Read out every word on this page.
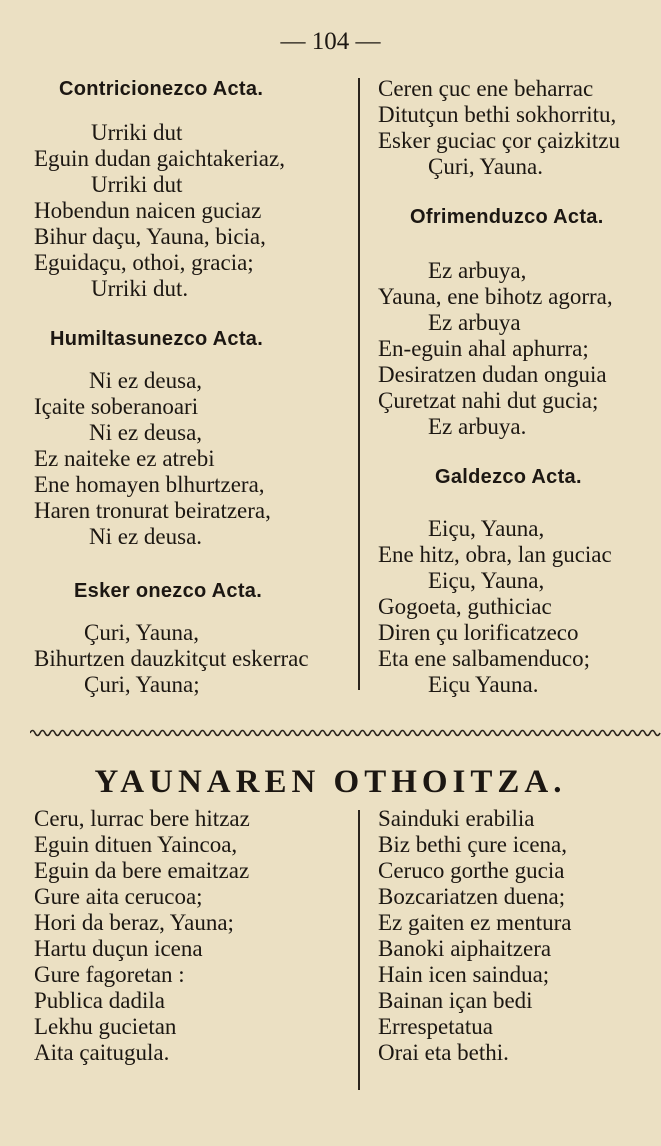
— 104 —
Contricionezco Acta.
Urriki dut
Eguin dudan gaichtakeriaz,
Urriki dut
Hobendun naicen guciaz
Bihur daçu, Yauna, bicia,
Eguidaçu, othoi, gracia;
Urriki dut.
Humiltasunezco Acta.
Ni ez deusa,
Içaite soberanoari
Ni ez deusa,
Ez naiteke ez atrebi
Ene homayen blhurtzera,
Haren tronurat beiratzera,
Ni ez deusa.
Esker onezco Acta.
Çuri, Yauna,
Bihurtzen dauzkitçut eskerrac
Çuri, Yauna;
Ceren çuc ene beharrac
Ditutçun bethi sokhorritu,
Esker guciac çor çaizkitzu
Çuri, Yauna.
Ofrimenduzco Acta.
Ez arbuya,
Yauna, ene bihotz agorra,
Ez arbuya
En-eguin ahal aphurra;
Desiratzen dudan onguia
Çuretzat nahi dut gucia;
Ez arbuya.
Galdezco Acta.
Eiçu, Yauna,
Ene hitz, obra, lan guciac
Eiçu, Yauna,
Gogoeta, guthiciac
Diren çu lorificatzeco
Eta ene salbamenduco;
Eiçu Yauna.
YAUNAREN OTHOITZA.
Ceru, lurrac bere hitzaz
Eguin dituen Yaincoa,
Eguin da bere emaitzaz
Gure aita cerucoa;
Hori da beraz, Yauna;
Hartu duçun icena
Gure fagoretan :
Publica dadila
Lekhu gucietan
Aita çaitugula.
Sainduki erabilia
Biz bethi çure icena,
Ceruco gorthe gucia
Bozcariatzen duena;
Ez gaiten ez mentura
Banoki aiphaitzera
Hain icen saindua;
Bainan içan bedi
Errespetatua
Orai eta bethi.
